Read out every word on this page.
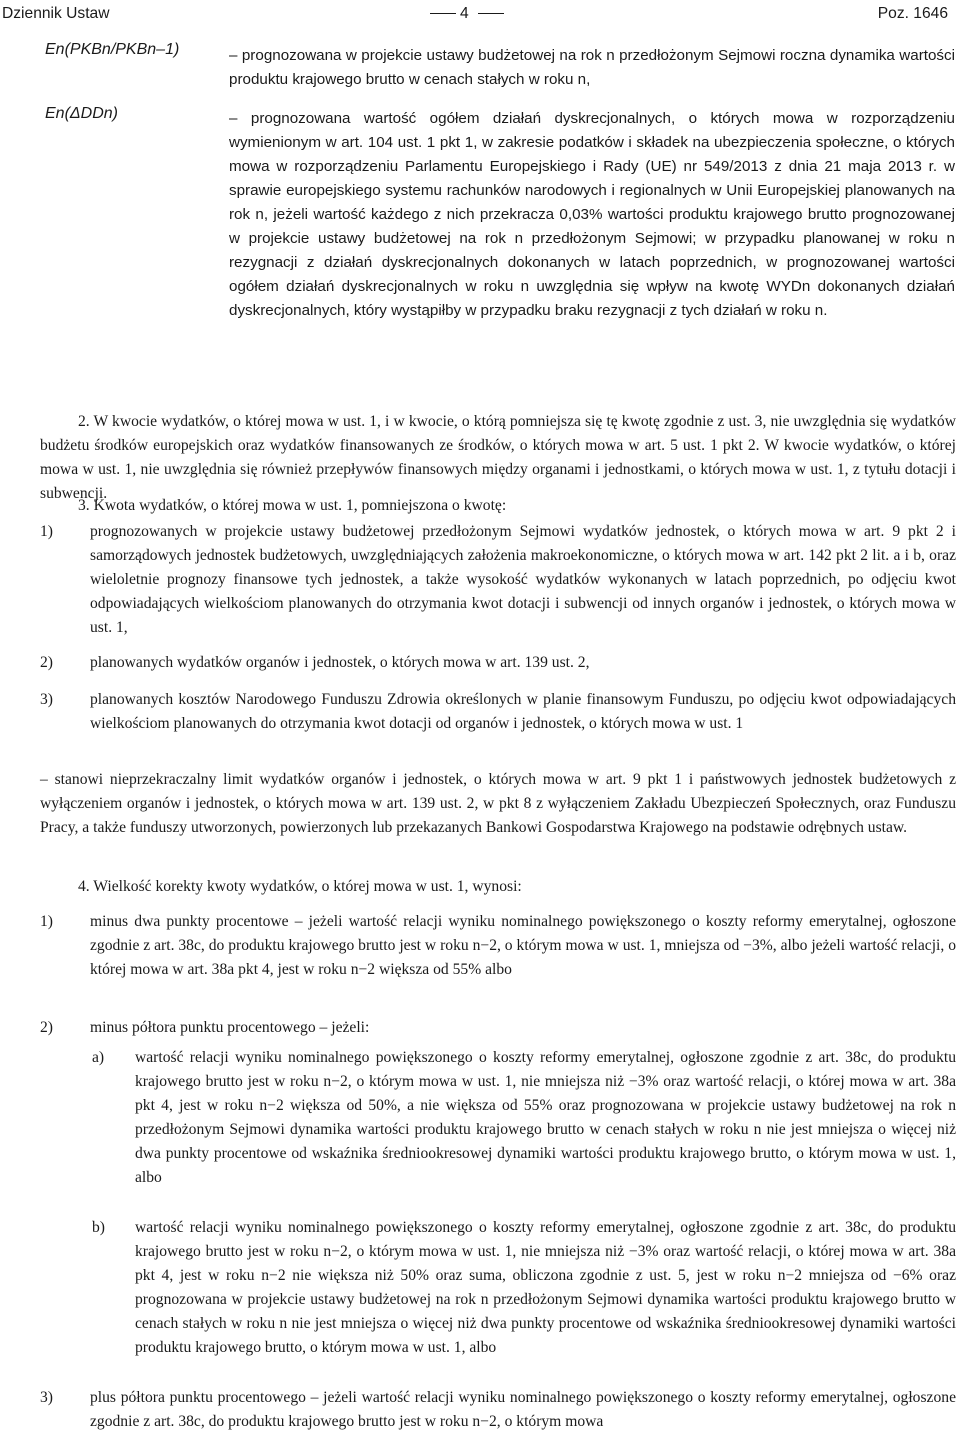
Dziennik Ustaw	4	Poz. 1646
En(PKBn/PKBn–1)	– prognozowana w projekcie ustawy budżetowej na rok n przedłożonym Sejmowi roczna dynamika wartości produktu krajowego brutto w cenach stałych w roku n,
En(ΔDDn)	– prognozowana wartość ogółem działań dyskrecjonalnych, o których mowa w rozporządzeniu wymienionym w art. 104 ust. 1 pkt 1, w zakresie podatków i składek na ubezpieczenia społeczne, o których mowa w rozporządzeniu Parlamentu Europejskiego i Rady (UE) nr 549/2013 z dnia 21 maja 2013 r. w sprawie europejskiego systemu rachunków narodowych i regionalnych w Unii Europejskiej planowanych na rok n, jeżeli wartość każdego z nich przekracza 0,03% wartości produktu krajowego brutto prognozowanej w projekcie ustawy budżetowej na rok n przedłożonym Sejmowi; w przypadku planowanej w roku n rezygnacji z działań dyskrecjonalnych dokonanych w latach poprzednich, w prognozowanej wartości ogółem działań dyskrecjonalnych w roku n uwzględnia się wpływ na kwotę WYDn dokonanych działań dyskrecjonalnych, który wystąpiłby w przypadku braku rezygnacji z tych działań w roku n.
2. W kwocie wydatków, o której mowa w ust. 1, i w kwocie, o którą pomniejsza się tę kwotę zgodnie z ust. 3, nie uwzględnia się wydatków budżetu środków europejskich oraz wydatków finansowanych ze środków, o których mowa w art. 5 ust. 1 pkt 2. W kwocie wydatków, o której mowa w ust. 1, nie uwzględnia się również przepływów finansowych między organami i jednostkami, o których mowa w ust. 1, z tytułu dotacji i subwencji.
3. Kwota wydatków, o której mowa w ust. 1, pomniejszona o kwotę:
1) prognozowanych w projekcie ustawy budżetowej przedłożonym Sejmowi wydatków jednostek, o których mowa w art. 9 pkt 2 i samorządowych jednostek budżetowych, uwzględniających założenia makroekonomiczne, o których mowa w art. 142 pkt 2 lit. a i b, oraz wieloletnie prognozy finansowe tych jednostek, a także wysokość wydatków wykonanych w latach poprzednich, po odjęciu kwot odpowiadających wielkościom planowanych do otrzymania kwot dotacji i subwencji od innych organów i jednostek, o których mowa w ust. 1,
2) planowanych wydatków organów i jednostek, o których mowa w art. 139 ust. 2,
3) planowanych kosztów Narodowego Funduszu Zdrowia określonych w planie finansowym Funduszu, po odjęciu kwot odpowiadających wielkościom planowanych do otrzymania kwot dotacji od organów i jednostek, o których mowa w ust. 1
– stanowi nieprzekraczalny limit wydatków organów i jednostek, o których mowa w art. 9 pkt 1 i państwowych jednostek budżetowych z wyłączeniem organów i jednostek, o których mowa w art. 139 ust. 2, w pkt 8 z wyłączeniem Zakładu Ubezpieczeń Społecznych, oraz Funduszu Pracy, a także funduszy utworzonych, powierzonych lub przekazanych Bankowi Gospodarstwa Krajowego na podstawie odrębnych ustaw.
4. Wielkość korekty kwoty wydatków, o której mowa w ust. 1, wynosi:
1) minus dwa punkty procentowe – jeżeli wartość relacji wyniku nominalnego powiększonego o koszty reformy emerytalnej, ogłoszone zgodnie z art. 38c, do produktu krajowego brutto jest w roku n−2, o którym mowa w ust. 1, mniejsza od −3%, albo jeżeli wartość relacji, o której mowa w art. 38a pkt 4, jest w roku n−2 większa od 55% albo
2) minus półtora punktu procentowego – jeżeli:
a) wartość relacji wyniku nominalnego powiększonego o koszty reformy emerytalnej, ogłoszone zgodnie z art. 38c, do produktu krajowego brutto jest w roku n−2, o którym mowa w ust. 1, nie mniejsza niż −3% oraz wartość relacji, o której mowa w art. 38a pkt 4, jest w roku n−2 większa od 50%, a nie większa od 55% oraz prognozowana w projekcie ustawy budżetowej na rok n przedłożonym Sejmowi dynamika wartości produktu krajowego brutto w cenach stałych w roku n nie jest mniejsza o więcej niż dwa punkty procentowe od wskaźnika średniookresowej dynamiki wartości produktu krajowego brutto, o którym mowa w ust. 1, albo
b) wartość relacji wyniku nominalnego powiększonego o koszty reformy emerytalnej, ogłoszone zgodnie z art. 38c, do produktu krajowego brutto jest w roku n−2, o którym mowa w ust. 1, nie mniejsza niż −3% oraz wartość relacji, o której mowa w art. 38a pkt 4, jest w roku n−2 nie większa niż 50% oraz suma, obliczona zgodnie z ust. 5, jest w roku n−2 mniejsza od −6% oraz prognozowana w projekcie ustawy budżetowej na rok n przedłożonym Sejmowi dynamika wartości produktu krajowego brutto w cenach stałych w roku n nie jest mniejsza o więcej niż dwa punkty procentowe od wskaźnika średniookresowej dynamiki wartości produktu krajowego brutto, o którym mowa w ust. 1, albo
3) plus półtora punktu procentowego – jeżeli wartość relacji wyniku nominalnego powiększonego o koszty reformy emerytalnej, ogłoszone zgodnie z art. 38c, do produktu krajowego brutto jest w roku n−2, o którym mowa
